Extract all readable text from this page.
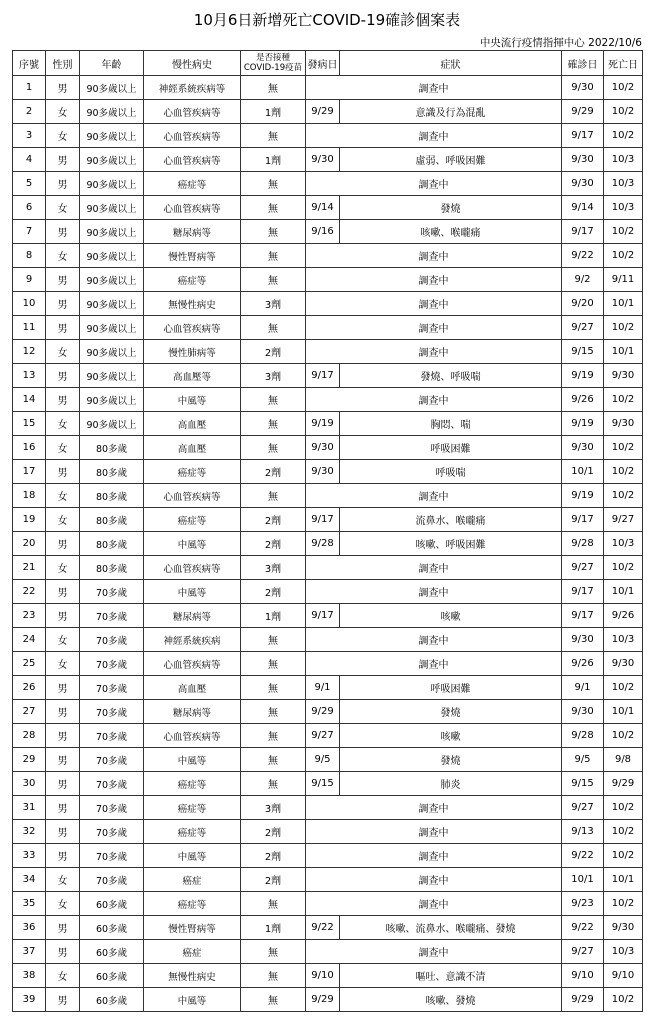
10月6日新增死亡COVID-19確診個案表
中央流行疫情指揮中心 2022/10/6
序號	性別	年齡	慢性病史	是否接種
COVID-19疫苗	發病日	症狀	確診日	死亡日
1	男	90多歲以上	神經系統疾病等	無	調查中		9/30	10/2
2	女	90多歲以上	心血管疾病等	1劑	9/29	意識及行為混亂	9/29	10/2
3	女	90多歲以上	心血管疾病等	無	調查中		9/17	10/2
4	男	90多歲以上	心血管疾病等	1劑	9/30	虛弱、呼吸困難	9/30	10/3
5	男	90多歲以上	癌症等	無	調查中		9/30	10/3
6	女	90多歲以上	心血管疾病等	無	9/14	發燒	9/14	10/3
7	男	90多歲以上	糖尿病等	無	9/16	咳嗽、喉嚨痛	9/17	10/2
8	女	90多歲以上	慢性腎病等	無	調查中		9/22	10/2
9	男	90多歲以上	癌症等	無	調查中		9/2	9/11
10	男	90多歲以上	無慢性病史	3劑	調查中		9/20	10/1
11	男	90多歲以上	心血管疾病等	無	調查中		9/27	10/2
12	女	90多歲以上	慢性肺病等	2劑	調查中		9/15	10/1
13	男	90多歲以上	高血壓等	3劑	9/17	發燒、呼吸喘	9/19	9/30
14	男	90多歲以上	中風等	無	調查中		9/26	10/2
15	女	90多歲以上	高血壓	無	9/19	胸悶、喘	9/19	9/30
16	女	80多歲	高血壓	無	9/30	呼吸困難	9/30	10/2
17	男	80多歲	癌症等	2劑	9/30	呼吸喘	10/1	10/2
18	女	80多歲	心血管疾病等	無	調查中		9/19	10/2
19	女	80多歲	癌症等	2劑	9/17	流鼻水、喉嚨痛	9/17	9/27
20	男	80多歲	中風等	2劑	9/28	咳嗽、呼吸困難	9/28	10/3
21	女	80多歲	心血管疾病等	3劑	調查中		9/27	10/2
22	男	70多歲	中風等	2劑	調查中		9/17	10/1
23	男	70多歲	糖尿病等	1劑	9/17	咳嗽	9/17	9/26
24	女	70多歲	神經系統疾病	無	調查中		9/30	10/3
25	女	70多歲	心血管疾病等	無	調查中		9/26	9/30
26	男	70多歲	高血壓	無	9/1	呼吸困難	9/1	10/2
27	男	70多歲	糖尿病等	無	9/29	發燒	9/30	10/1
28	男	70多歲	心血管疾病等	無	9/27	咳嗽	9/28	10/2
29	男	70多歲	中風等	無	9/5	發燒	9/5	9/8
30	男	70多歲	癌症等	無	9/15	肺炎	9/15	9/29
31	男	70多歲	癌症等	3劑	調查中		9/27	10/2
32	男	70多歲	癌症等	2劑	調查中		9/13	10/2
33	男	70多歲	中風等	2劑	調查中		9/22	10/2
34	女	70多歲	癌症	2劑	調查中		10/1	10/1
35	女	60多歲	癌症等	無	調查中		9/23	10/2
36	男	60多歲	慢性腎病等	1劑	9/22	咳嗽、流鼻水、喉嚨痛、發燒	9/22	9/30
37	男	60多歲	癌症	無	調查中		9/27	10/3
38	女	60多歲	無慢性病史	無	9/10	嘔吐、意識不清	9/10	9/10
39	男	60多歲	中風等	無	9/29	咳嗽、發燒	9/29	10/2
